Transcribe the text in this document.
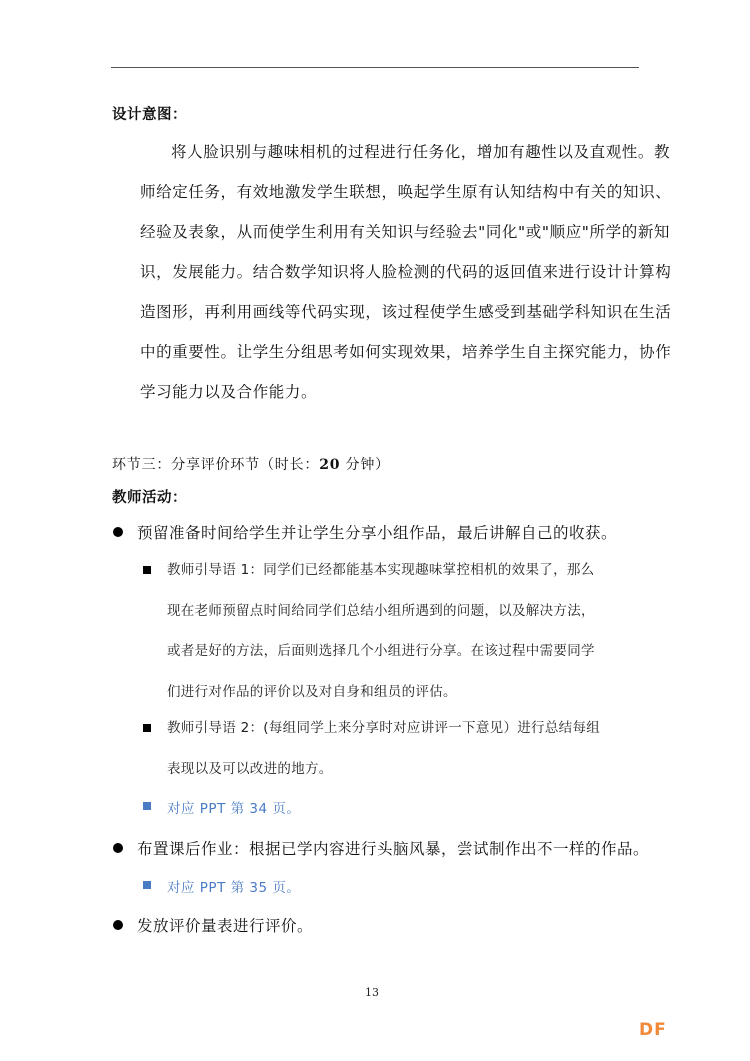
设计意图：
将人脸识别与趣味相机的过程进行任务化，增加有趣性以及直观性。教
师给定任务，有效地激发学生联想，唤起学生原有认知结构中有关的知识、
经验及表象，从而使学生利用有关知识与经验去"同化"或"顺应"所学的新知
识，发展能力。结合数学知识将人脸检测的代码的返回值来进行设计计算构
造图形，再利用画线等代码实现，该过程使学生感受到基础学科知识在生活
中的重要性。让学生分组思考如何实现效果，培养学生自主探究能力，协作
学习能力以及合作能力。
环节三：分享评价环节（时长：20 分钟）
教师活动：
预留准备时间给学生并让学生分享小组作品，最后讲解自己的收获。
教师引导语 1：同学们已经都能基本实现趣味掌控相机的效果了，那么
现在老师预留点时间给同学们总结小组所遇到的问题，以及解决方法，
或者是好的方法，后面则选择几个小组进行分享。在该过程中需要同学
们进行对作品的评价以及对自身和组员的评估。
教师引导语 2：(每组同学上来分享时对应讲评一下意见）进行总结每组
表现以及可以改进的地方。
对应 PPT 第 34 页。
布置课后作业：根据已学内容进行头脑风暴，尝试制作出不一样的作品。
对应 PPT 第 35 页。
发放评价量表进行评价。
13
DF
